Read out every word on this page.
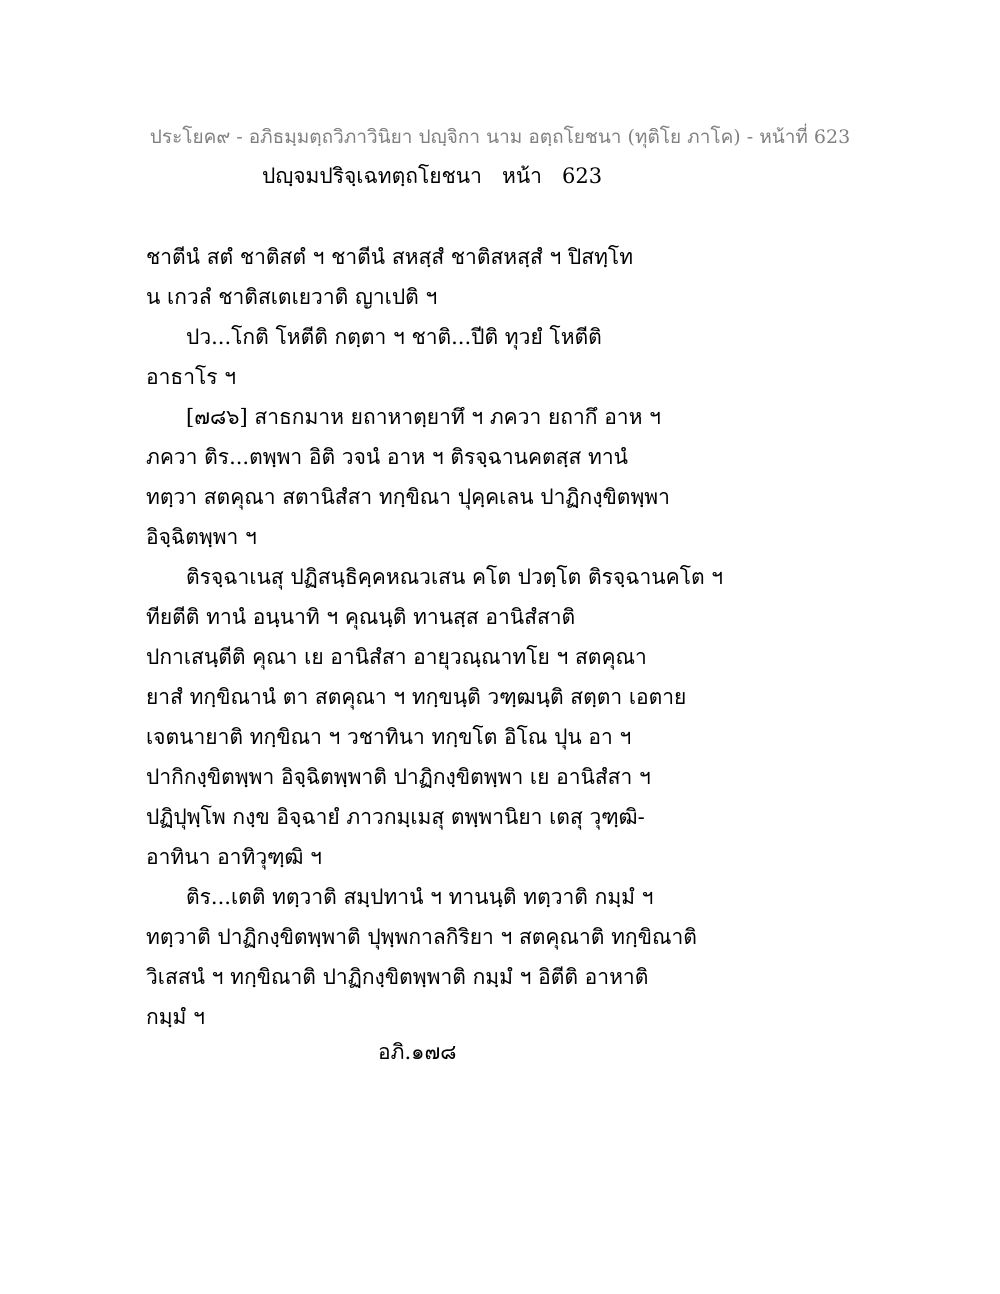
ประโยค๙ - อภิธมฺมตฺถวิภาวินิยา ปญฺจิกา นาม อตฺถโยชนา (ทุติโย ภาโค) - หน้าที่ 623
ปญฺจมปริจฺเฉทตฺถโยชนา   หน้า   623
ชาตีนํ สตํ ชาติสตํ ฯ ชาตีนํ สหสฺสํ ชาติสหสฺสํ ฯ ปิสทฺโท
น เกวลํ ชาติสเตเยวาติ ญาเปติ ฯ
ปว...โกติ โหตีติ กตฺตา ฯ ชาติ...ปีติ ทุวยํ โหตีติ
อาธาโร ฯ
[๗๘๖] สาธกมาห ยถาหาตฺยาทึ ฯ ภควา ยถากึ อาห ฯ
ภควา ติร...ตพฺพา อิติ วจนํ อาห ฯ ติรจฺฉานคตสฺส ทานํ
ทตฺวา สตคุณา สตานิสํสา ทกฺขิณา ปุคฺคเลน ปาฏิกงฺขิตพฺพา
อิจฺฉิตพฺพา ฯ
ติรจฺฉาเนสุ ปฏิสนฺธิคฺคหณวเสน คโต ปวตฺโต ติรจฺฉานคโต ฯ
ทียตีติ ทานํ อนฺนาทิ ฯ คุณนฺติ ทานสฺส อานิสํสาติ
ปกาเสนฺตีติ คุณา เย อานิสํสา อายุวณฺณาทโย ฯ สตคุณา
ยาสํ ทกฺขิณานํ ตา สตคุณา ฯ ทกฺขนฺติ วฑฺฒนฺติ สตฺตา เอตาย
เจตนายาติ ทกฺขิณา ฯ วชาทินา ทกฺขโต อิโณ ปุน อา ฯ
ปากิกงฺขิตพฺพา อิจฺฉิตพฺพาติ ปาฏิกงฺขิตพฺพา เย อานิสํสา ฯ
ปฏิปุพฺโพ กงฺข อิจฺฉายํ ภาวกมฺเมสุ ตพฺพานิยา เตสุ วุฑฺฒิ-
อาทินา อาทิวุฑฺฒิ ฯ
ติร...เตติ ทตฺวาติ สมฺปทานํ ฯ ทานนฺติ ทตฺวาติ กมฺมํ ฯ
ทตฺวาติ ปาฏิกงฺขิตพฺพาติ ปุพฺพกาลกิริยา ฯ สตคุณาติ ทกฺขิณาติ
วิเสสนํ ฯ ทกฺขิณาติ ปาฏิกงฺขิตพฺพาติ กมฺมํ ฯ อิตีติ อาหาติ
กมฺมํ ฯ
อภิ.๑๗๘
